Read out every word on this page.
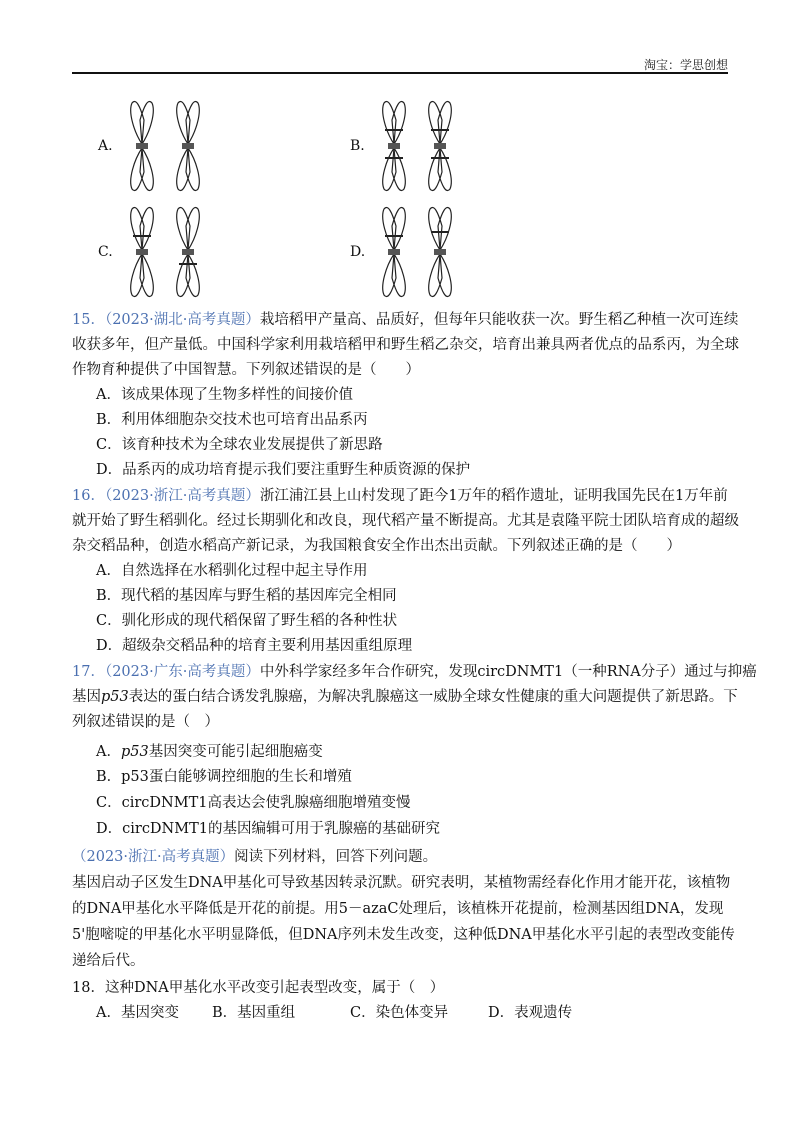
淘宝：学思创想
A.	B.
C.	D.
15．（2023·湖北·高考真题）栽培稻甲产量高、品质好，但每年只能收获一次。野生稻乙种植一次可连续
收获多年，但产量低。中国科学家利用栽培稻甲和野生稻乙杂交，培育出兼具两者优点的品系丙，为全球
作物育种提供了中国智慧。下列叙述错误的是（　　）
A．该成果体现了生物多样性的间接价值
B．利用体细胞杂交技术也可培育出品系丙
C．该育种技术为全球农业发展提供了新思路
D．品系丙的成功培育提示我们要注重野生种质资源的保护
16．（2023·浙江·高考真题）浙江浦江县上山村发现了距今1万年的稻作遗址，证明我国先民在1万年前
就开始了野生稻驯化。经过长期驯化和改良，现代稻产量不断提高。尤其是袁隆平院士团队培育成的超级
杂交稻品种，创造水稻高产新记录，为我国粮食安全作出杰出贡献。下列叙述正确的是（　　）
A．自然选择在水稻驯化过程中起主导作用
B．现代稻的基因库与野生稻的基因库完全相同
C．驯化形成的现代稻保留了野生稻的各种性状
D．超级杂交稻品种的培育主要利用基因重组原理
17．（2023·广东·高考真题）中外科学家经多年合作研究，发现circDNMT1（一种RNA分子）通过与抑癌
基因p53表达的蛋白结合诱发乳腺癌，为解决乳腺癌这一威胁全球女性健康的重大问题提供了新思路。下
列叙述错误 的是（　）
A．p53基因突变可能引起细胞癌变
B．p53蛋白能够调控细胞的生长和增殖
C．circDNMT1高表达会使乳腺癌细胞增殖变慢
D．circDNMT1的基因编辑可用于乳腺癌的基础研究
（2023·浙江·高考真题）阅读下列材料，回答下列问题。
基因启动子区发生DNA甲基化可导致基因转录沉默。研究表明，某植物需经春化作用才能开花，该植物
的DNA甲基化水平降低是开花的前提。用5－azaC处理后，该植株开花提前，检测基因组DNA，发现
5'胞嘧啶的甲基化水平明显降低，但DNA序列未发生改变，这种低DNA甲基化水平引起的表型改变能传
递给后代。
18．这种DNA甲基化水平改变引起表型改变，属于（　）
A．基因突变 B．基因重组	C．染色体变异	D．表观遗传
